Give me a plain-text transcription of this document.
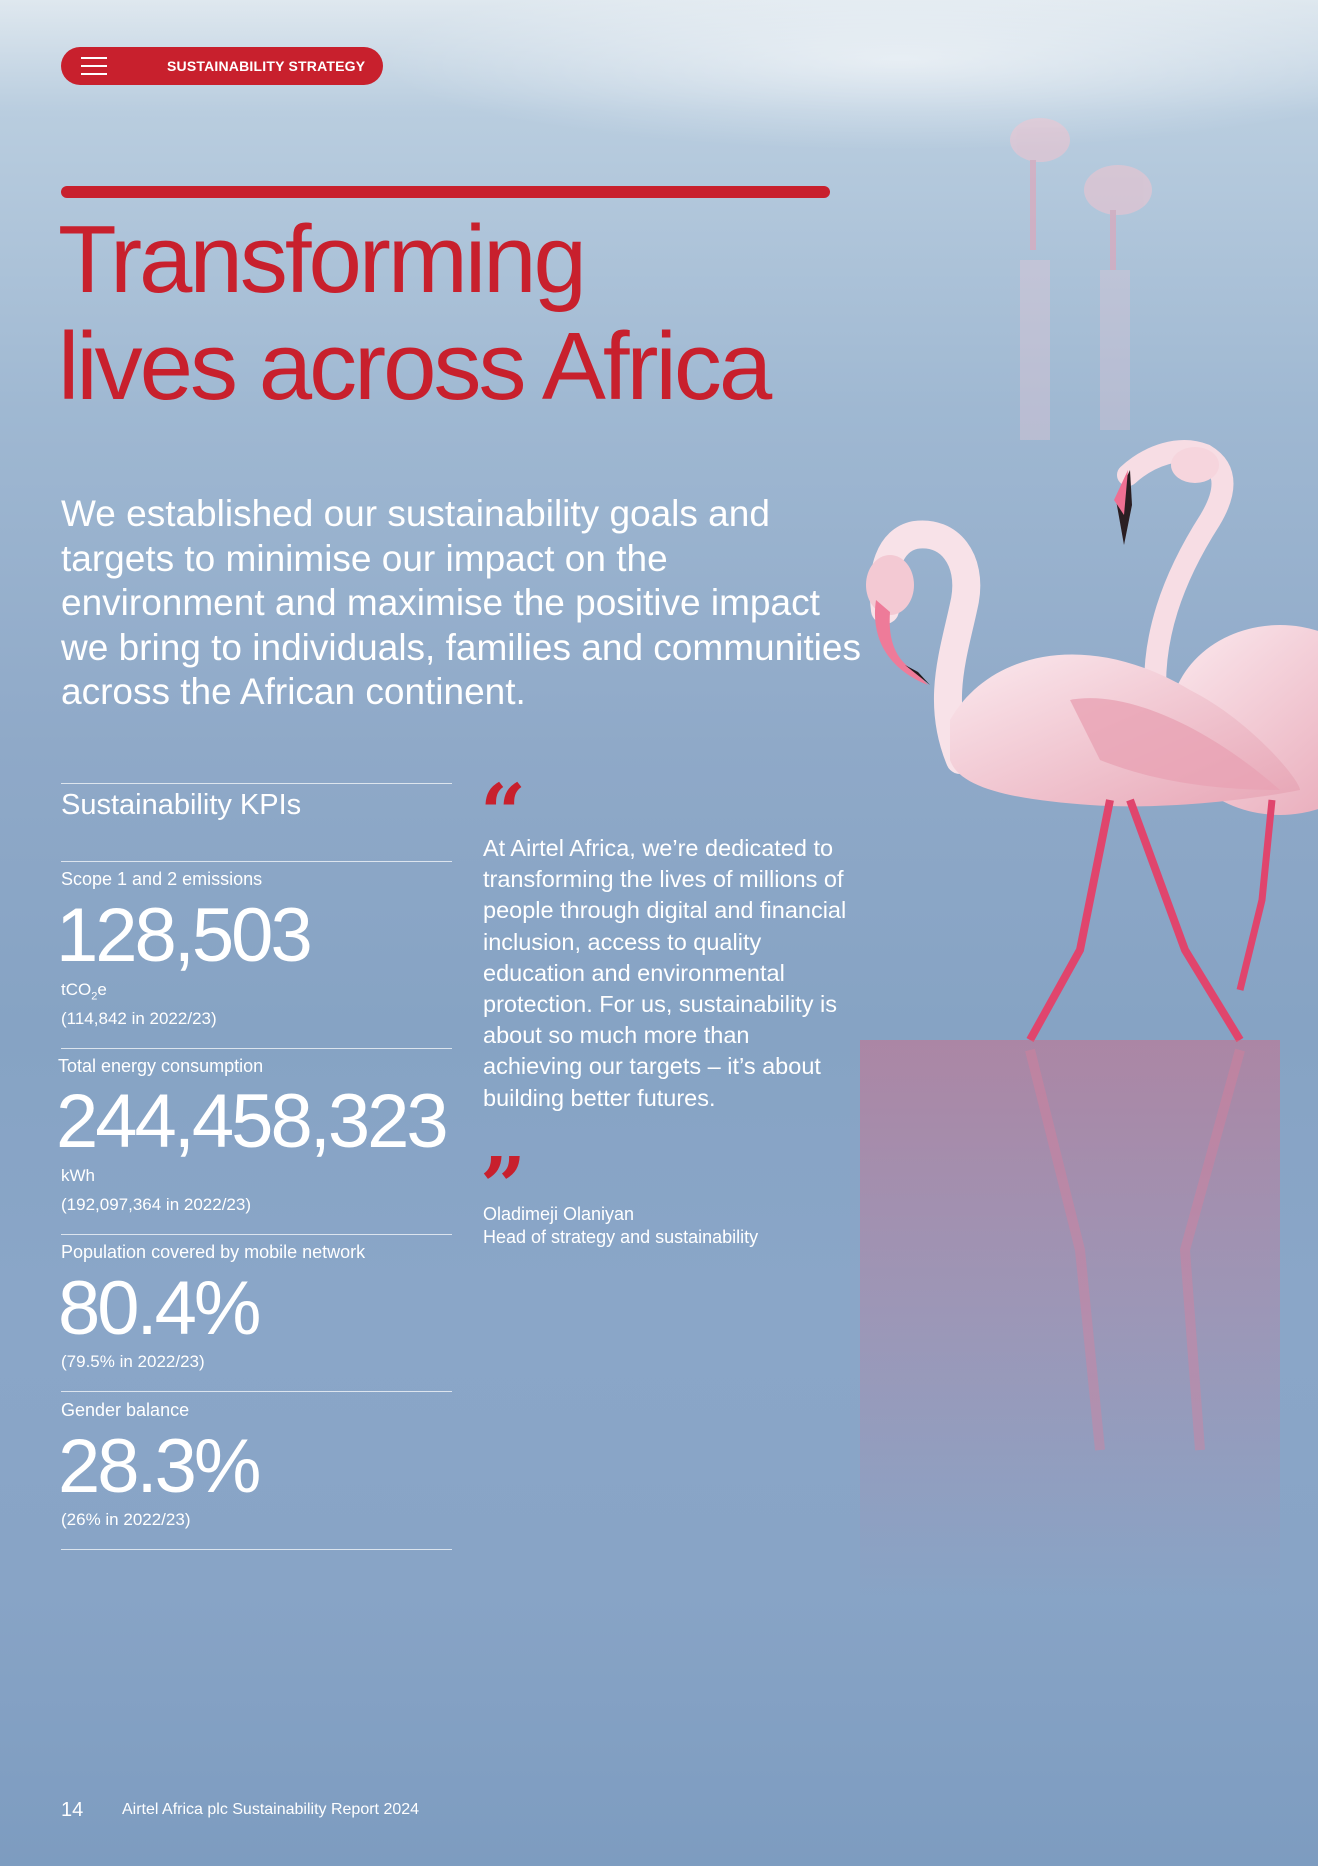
SUSTAINABILITY STRATEGY
Transforming
lives across Africa

We established our sustainability goals and targets to minimise our impact on the environment and maximise the positive impact we bring to individuals, families and communities across the African continent.

Sustainability KPIs
Scope 1 and 2 emissions
128,503
tCO$_2$e
(114,842 in 2022/23)
Total energy consumption
244,458,323
kWh
(192,097,364 in 2022/23)
Population covered by mobile network
80.4%
(79.5% in 2022/23)
Gender balance
28.3%
(26% in 2022/23)
“

At Airtel Africa, we’re dedicated to transforming the lives of millions of people through digital and financial inclusion, access to quality education and environmental protection. For us, sustainability is about so much more than achieving our targets – it’s about building better futures.

”
Oladimeji Olaniyan
Head of strategy and sustainability
14 Airtel Africa plc Sustainability Report 2024
